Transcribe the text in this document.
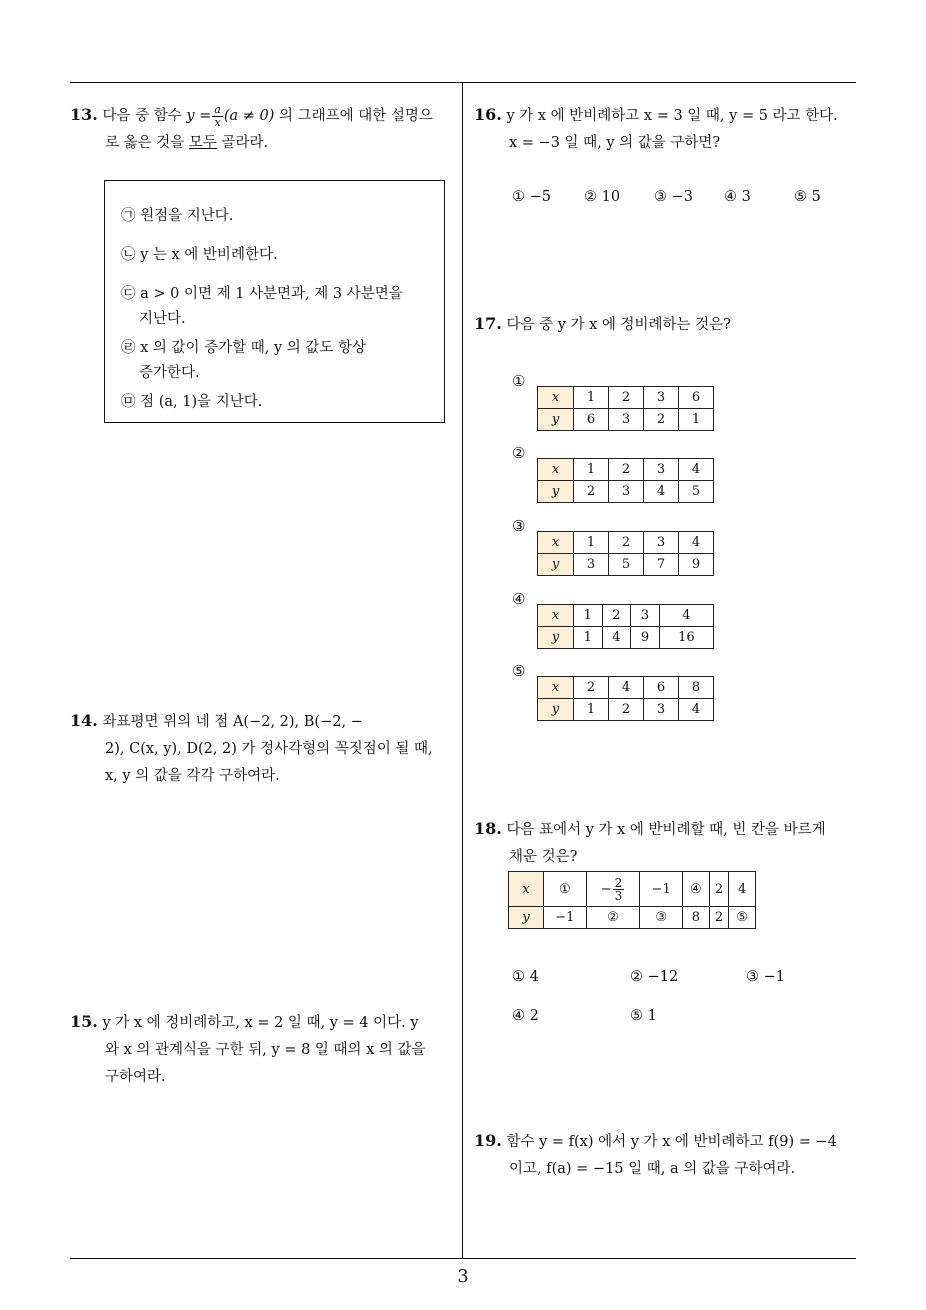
13. 다음 중 함수 $y = \frac{a}{x} (a \ne 0)$ 의 그래프에 대한 설명으
로 옳은 것을 모두 골라라.
㉠ 원점을 지난다.
㉡ y 는 x 에 반비례한다.
㉢ a > 0 이면 제 1 사분면과, 제 3 사분면을
지난다.
㉣ x 의 값이 증가할 때, y 의 값도 항상
증가한다.
㉤ 점 (a, 1)을 지난다.
14. 좌표평면 위의 네 점 A(−2, 2), B(−2, −
2), C(x, y), D(2, 2) 가 정사각형의 꼭짓점이 될 때,
x, y 의 값을 각각 구하여라.
15. y 가 x 에 정비례하고, x = 2 일 때, y = 4 이다. y
와 x 의 관계식을 구한 뒤, y = 8 일 때의 x 의 값을
구하여라.
16. y 가 x 에 반비례하고 x = 3 일 때, y = 5 라고 한다.
x = −3 일 때, y 의 값을 구하면?
① −5 ② 10 ③ −3 ④ 3	⑤ 5
17. 다음 중 y 가 x 에 정비례하는 것은?
①
x	1	2	3	6
y	6	3	2	1
②
x	1	2	3	4
y	2	3	4	5
③
x	1	2	3	4
y	3	5	7	9
④
x	1	2	3	4
y	1	4	9	16
⑤
x	2	4	6	8
y	1	2	3	4
18. 다음 표에서 y 가 x 에 반비례할 때, 빈 칸을 바르게
채운 것은?
x	①	− $\frac{2}{3}$	−1	④	2	4
y	−1	②	③	8	2	⑤
① 4	② −12	③ −1
④ 2	⑤ 1
19. 함수 y = f(x) 에서 y 가 x 에 반비례하고 f(9) = −4
이고, f(a) = −15 일 때, a 의 값을 구하여라.
3
